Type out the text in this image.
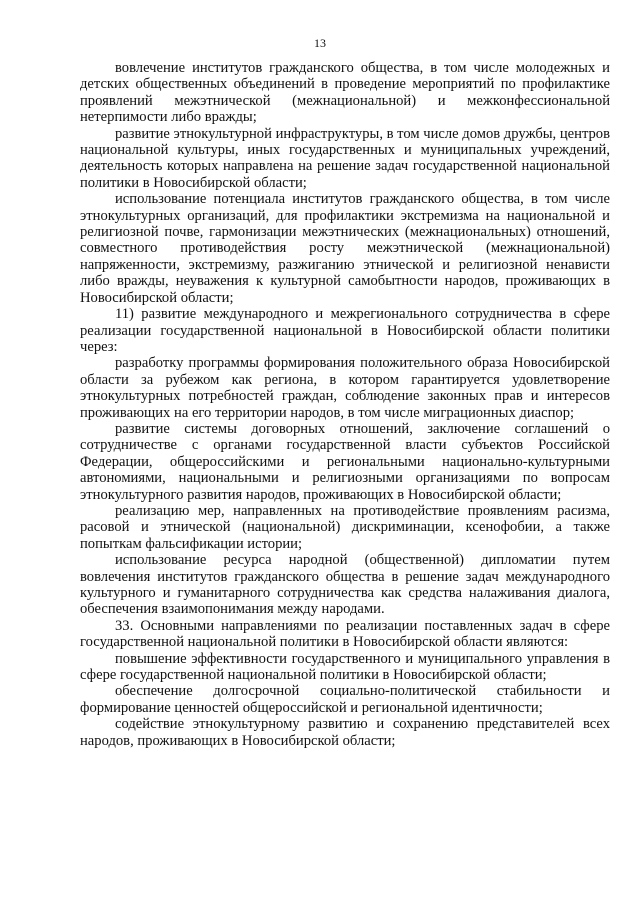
13

вовлечение институтов гражданского общества, в том числе молодежных и детских общественных объединений в проведение мероприятий по профилактике проявлений межэтнической (межнациональной) и межконфессиональной нетерпимости либо вражды;

развитие этнокультурной инфраструктуры, в том числе домов дружбы, центров национальной культуры, иных государственных и муниципальных учреждений, деятельность которых направлена на решение задач государственной национальной политики в Новосибирской области;

использование потенциала институтов гражданского общества, в том числе этнокультурных организаций, для профилактики экстремизма на национальной и религиозной почве, гармонизации межэтнических (межнациональных) отношений, совместного противодействия росту межэтнической (межнациональной) напряженности, экстремизму, разжиганию этнической и религиозной ненависти либо вражды, неуважения к культурной самобытности народов, проживающих в Новосибирской области;

11) развитие международного и межрегионального сотрудничества в сфере реализации государственной национальной в Новосибирской области политики через:

разработку программы формирования положительного образа Новосибирской области за рубежом как региона, в котором гарантируется удовлетворение этнокультурных потребностей граждан, соблюдение законных прав и интересов проживающих на его территории народов, в том числе миграционных диаспор;

развитие системы договорных отношений, заключение соглашений о сотрудничестве с органами государственной власти субъектов Российской Федерации, общероссийскими и региональными национально-культурными автономиями, национальными и религиозными организациями по вопросам этнокультурного развития народов, проживающих в Новосибирской области;

реализацию мер, направленных на противодействие проявлениям расизма, расовой и этнической (национальной) дискриминации, ксенофобии, а также попыткам фальсификации истории;

использование ресурса народной (общественной) дипломатии путем вовлечения институтов гражданского общества в решение задач международного культурного и гуманитарного сотрудничества как средства налаживания диалога, обеспечения взаимопонимания между народами.

33. Основными направлениями по реализации поставленных задач в сфере государственной национальной политики в Новосибирской области являются:

повышение эффективности государственного и муниципального управления в сфере государственной национальной политики в Новосибирской области;

обеспечение долгосрочной социально-политической стабильности и формирование ценностей общероссийской и региональной идентичности;

содействие этнокультурному развитию и сохранению представителей всех народов, проживающих в Новосибирской области;
